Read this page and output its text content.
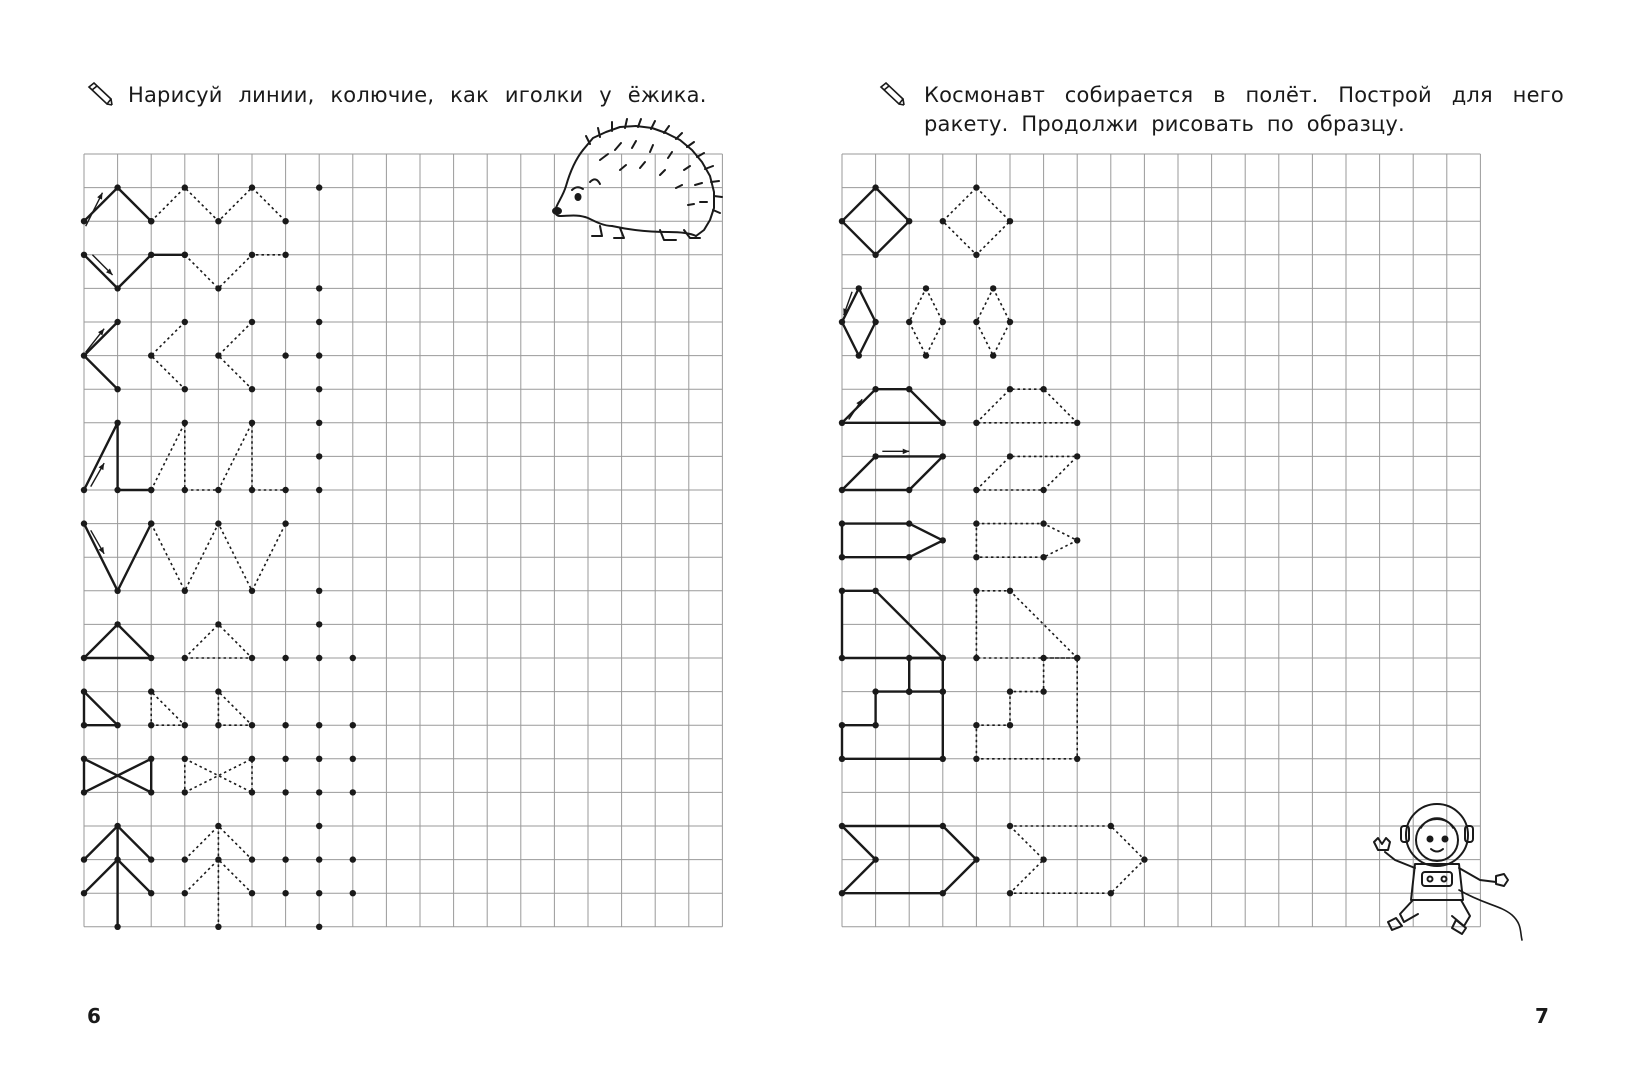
Нарисуй линии, колючие, как иголки у ёжика.
6
Космонавт собирается в полёт. Построй для него ракету. Продолжи рисовать по образцу.
7
